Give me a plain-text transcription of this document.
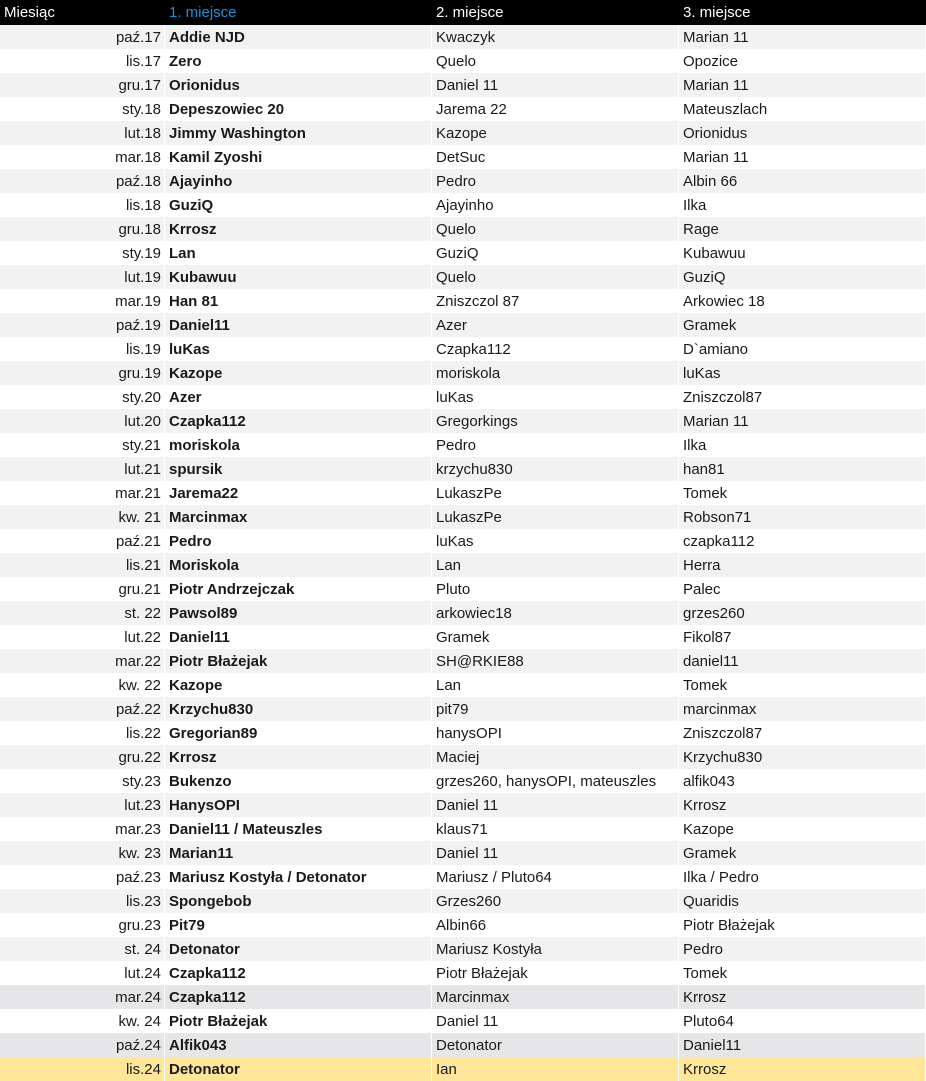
Miesiąc	1. miejsce	2. miejsce	3. miejsce
paź.17 Addie NJD	Kwaczyk	Marian 11
lis.17 Zero	Quelo	Opozice
gru.17 Orionidus	Daniel 11	Marian 11
sty.18 Depeszowiec 20	Jarema 22	Mateuszlach
lut.18 Jimmy Washington	Kazope	Orionidus
mar.18 Kamil Zyoshi	DetSuc	Marian 11
paź.18 Ajayinho	Pedro	Albin 66
lis.18 GuziQ	Ajayinho	Ilka
gru.18 Krrosz	Quelo	Rage
sty.19 Lan	GuziQ	Kubawuu
lut.19 Kubawuu	Quelo	GuziQ
mar.19 Han 81	Zniszczol 87	Arkowiec 18
paź.19 Daniel11	Azer	Gramek
lis.19 luKas	Czapka112	D`amiano
gru.19 Kazope	moriskola	luKas
sty.20 Azer	luKas	Zniszczol87
lut.20 Czapka112	Gregorkings	Marian 11
sty.21 moriskola	Pedro	Ilka
lut.21 spursik	krzychu830	han81
mar.21 Jarema22	LukaszPe	Tomek
kw. 21 Marcinmax	LukaszPe	Robson71
paź.21 Pedro	luKas	czapka112
lis.21 Moriskola	Lan	Herra
gru.21 Piotr Andrzejczak	Pluto	Palec
st. 22 Pawsol89	arkowiec18	grzes260
lut.22 Daniel11	Gramek	Fikol87
mar.22 Piotr Błażejak	SH@RKIE88	daniel11
kw. 22 Kazope	Lan	Tomek
paź.22 Krzychu830	pit79	marcinmax
lis.22 Gregorian89	hanysOPI	Zniszczol87
gru.22 Krrosz	Maciej	Krzychu830
sty.23 Bukenzo	grzes260, hanysOPI, mateuszles	alfik043
lut.23 HanysOPI	Daniel 11	Krrosz
mar.23 Daniel11 / Mateuszles	klaus71	Kazope
kw. 23 Marian11	Daniel 11	Gramek
paź.23 Mariusz Kostyła / Detonator	Mariusz / Pluto64	Ilka / Pedro
lis.23 Spongebob	Grzes260	Quaridis
gru.23 Pit79	Albin66	Piotr Błażejak
st. 24 Detonator	Mariusz Kostyła	Pedro
lut.24 Czapka112	Piotr Błażejak	Tomek
mar.24 Czapka112	Marcinmax	Krrosz
kw. 24 Piotr Błażejak	Daniel 11	Pluto64
paź.24 Alfik043	Detonator	Daniel11
lis.24 Detonator	Ian	Krrosz
